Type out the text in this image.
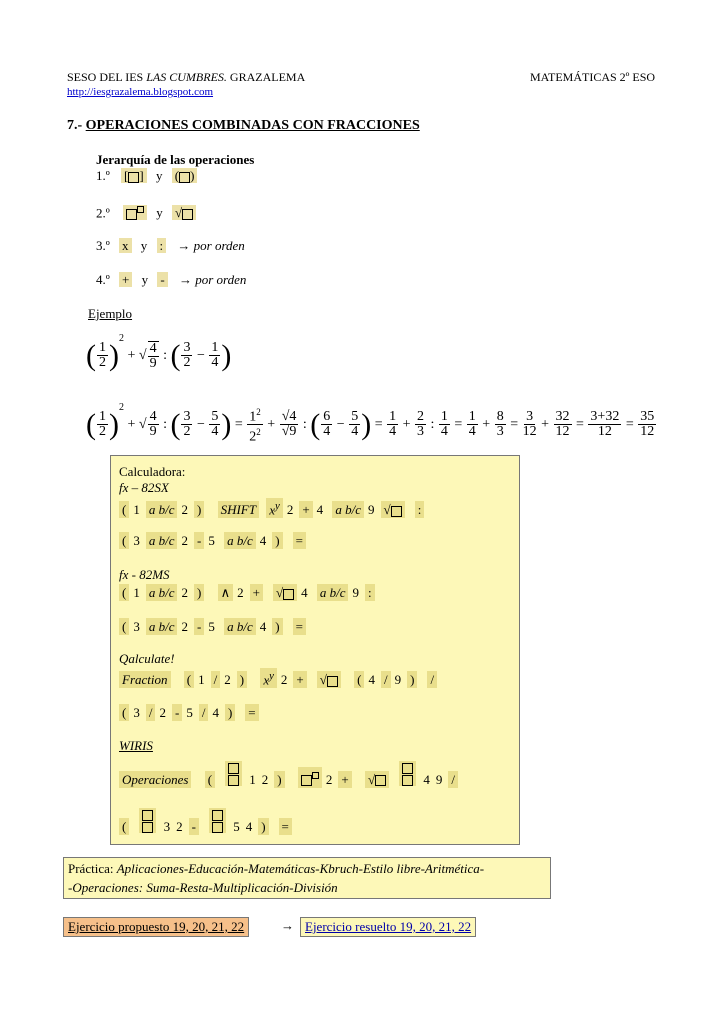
SESO DEL IES LAS CUMBRES. GRAZALEMA	MATEMÁTICAS 2º ESO
http://iesgrazalema.blogspot.com
7.- OPERACIONES COMBINADAS CON FRACCIONES
Jerarquía de las operaciones
1.º [ ] y ( )
2.º	y √
3.º x y : → por orden
4.º + y - → por orden
Ejemplo
( $\frac{1}{2} )^2$ + √ $\frac{4}{9}$ : ( $\frac{3}{2} - \frac{1}{4}$ )
( $\frac{1}{2} )^2$ + √ $\frac{4}{9}$ : ( $\frac{3}{2} - \frac{5}{4}$ ) = $\frac{1^2}{2^2} + \frac{√4}{√9}$ : ( $\frac{6}{4} - \frac{5}{4}$ ) = $\frac{1}{4} + \frac{2}{3}$ : $\frac{1}{4} = \frac{1}{4} + \frac{8}{3} = \frac{3}{12} + \frac{32}{12} = \frac{3+32}{12} = \frac{35}{12}$
Calculadora:
fx – 82SX
( 1 a b/c 2 ) SHIFT $x^y$ 2 + 4 a b/c 9 √ :
( 3 a b/c 2 - 5 a b/c 4 ) =
fx - 82MS
( 1 a b/c 2 ) ∧ 2 + √ 4 a b/c 9 :
( 3 a b/c 2 - 5 a b/c 4 ) =
Qalculate!
Fraction ( 1 / 2 ) $x^y$ 2 + √ ( 4 / 9 ) /
( 3 / 2 - 5 / 4 ) =
WIRIS
Operaciones (	1 2 )	2 + √	4 9 /
(	3 2 -	5 4 ) =
Práctica: Aplicaciones-Educación-Matemáticas-Kbruch-Estilo libre-Aritmética-
-Operaciones: Suma-Resta-Multiplicación-División
Ejercicio propuesto 19, 20, 21, 22	→ Ejercicio resuelto 19, 20, 21, 22
